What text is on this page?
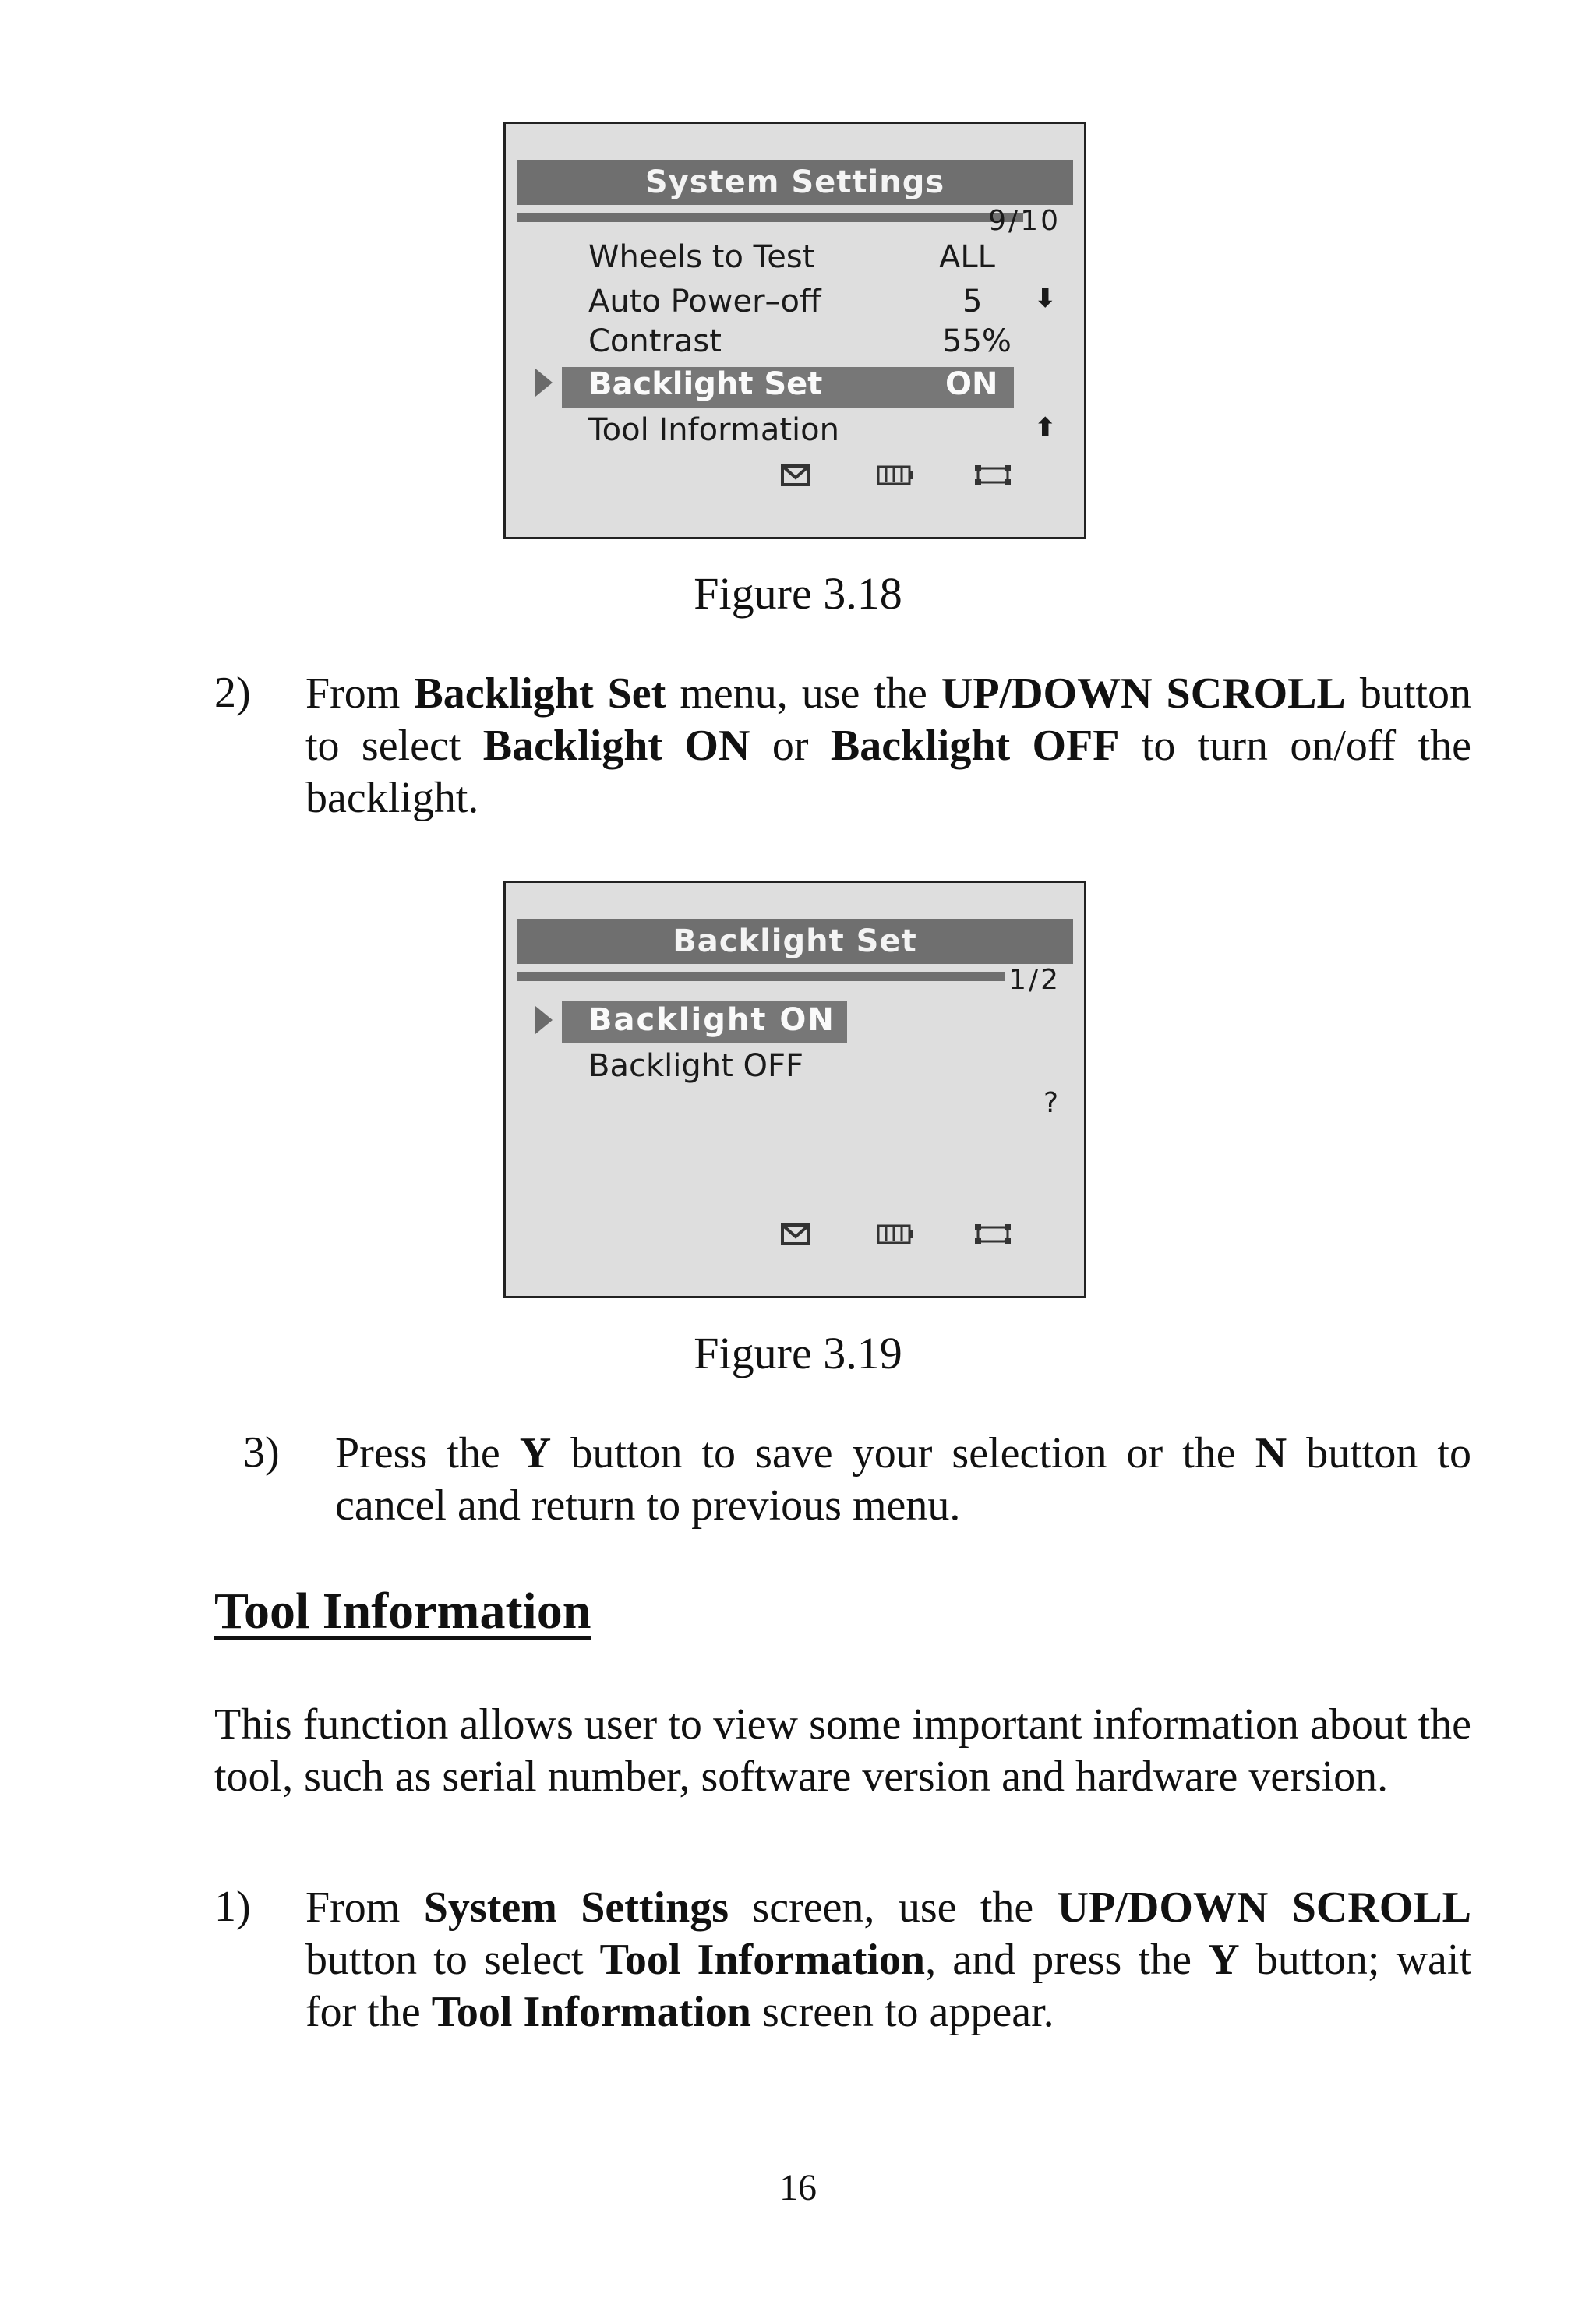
System Settings
9/10
Wheels to Test	ALL
Auto Power–off	5 ⬇
Contrast	55%
Backlight Set	ON
Tool Information	⬆
Figure 3.18
2) From Backlight Set menu, use the UP/DOWN SCROLL button to select Backlight ON or Backlight OFF to turn on/off the backlight.
Backlight Set
1/2
Backlight ON
Backlight OFF
?
Figure 3.19
3) Press the Y button to save your selection or the N button to cancel and return to previous menu.
Tool Information
This function allows user to view some important information about the tool, such as serial number, software version and hardware version.
1) From System Settings screen, use the UP/DOWN SCROLL button to select Tool Information, and press the Y button; wait for the Tool Information screen to appear.
16
